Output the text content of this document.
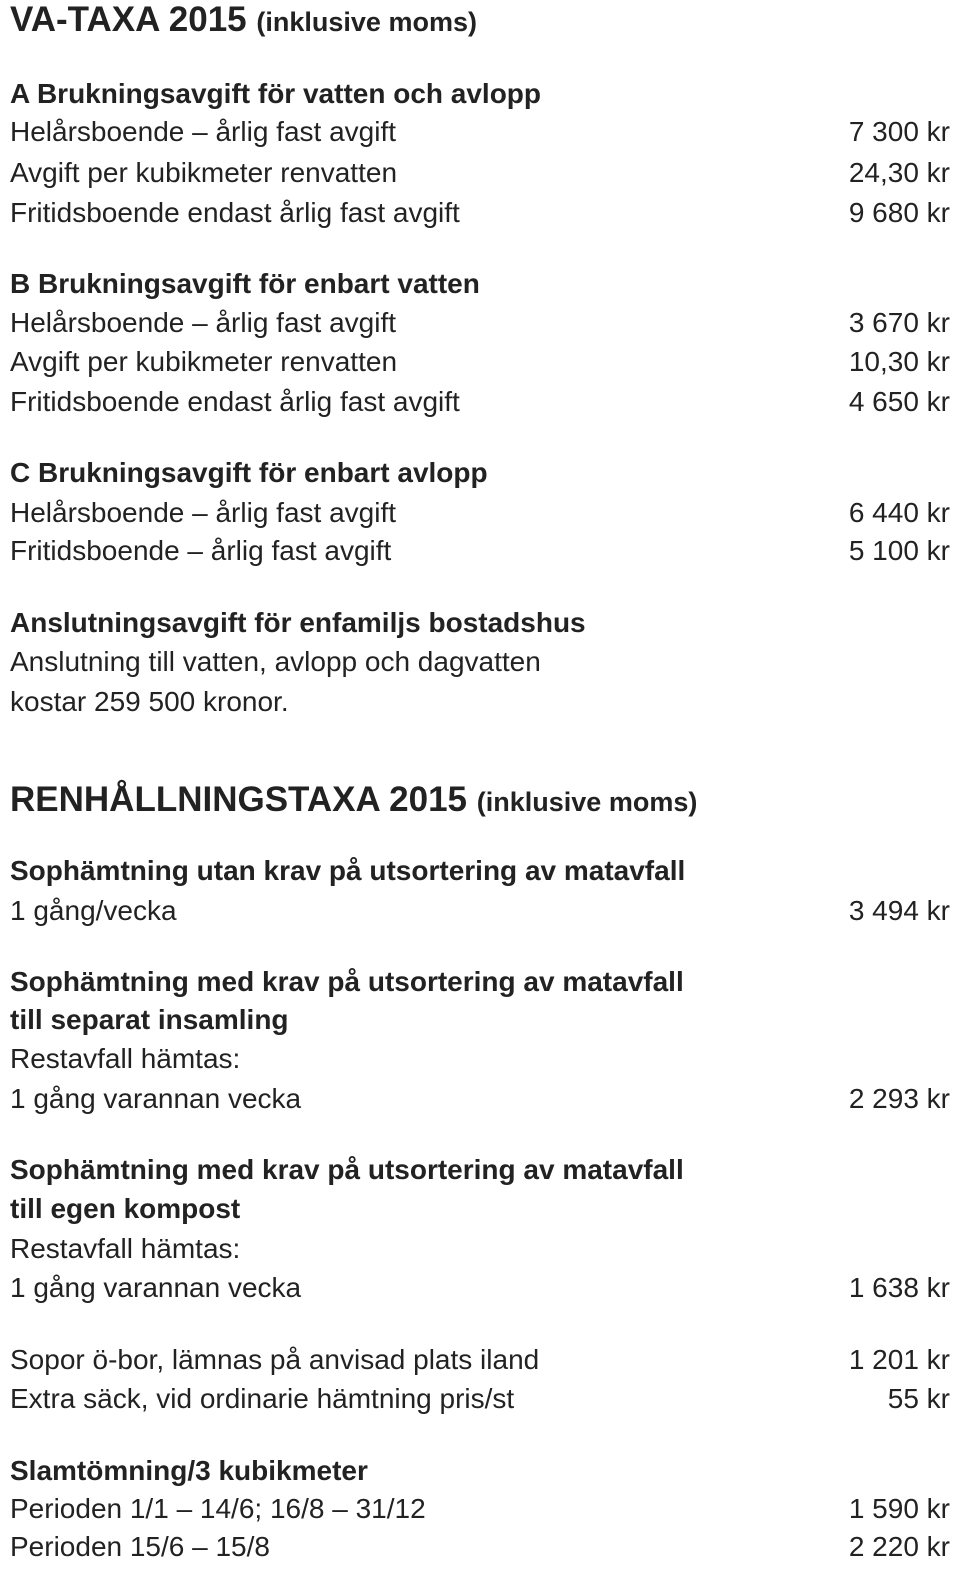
VA-TAXA 2015 (inklusive moms)
A Brukningsavgift för vatten och avlopp
Helårsboende – årlig fast avgift	7 300 kr
Avgift per kubikmeter renvatten	24,30 kr
Fritidsboende endast årlig fast avgift	9 680 kr
B Brukningsavgift för enbart vatten
Helårsboende – årlig fast avgift	3 670 kr
Avgift per kubikmeter renvatten	10,30 kr
Fritidsboende endast årlig fast avgift	4 650 kr
C Brukningsavgift för enbart avlopp
Helårsboende – årlig fast avgift	6 440 kr
Fritidsboende – årlig fast avgift	5 100 kr
Anslutningsavgift för enfamiljs bostadshus
Anslutning till vatten, avlopp och dagvatten
kostar 259 500 kronor.
RENHÅLLNINGSTAXA 2015 (inklusive moms)
Sophämtning utan krav på utsortering av matavfall
1 gång/vecka	3 494 kr
Sophämtning med krav på utsortering av matavfall
till separat insamling
Restavfall hämtas:
1 gång varannan vecka	2 293 kr
Sophämtning med krav på utsortering av matavfall
till egen kompost
Restavfall hämtas:
1 gång varannan vecka	1 638 kr
Sopor ö-bor, lämnas på anvisad plats iland	1 201 kr
Extra säck, vid ordinarie hämtning pris/st	55 kr
Slamtömning/3 kubikmeter
Perioden 1/1 – 14/6; 16/8 – 31/12	1 590 kr
Perioden 15/6 – 15/8	2 220 kr
